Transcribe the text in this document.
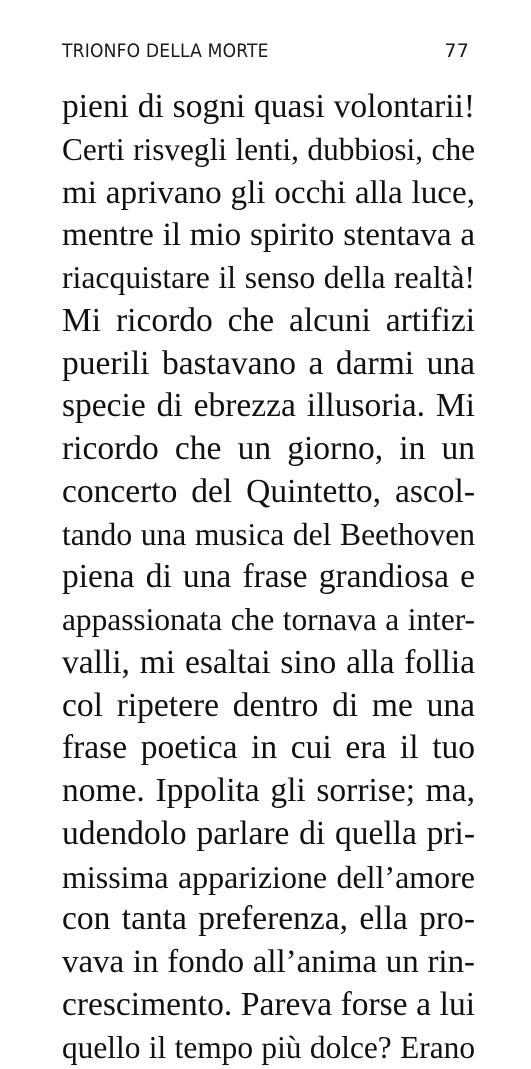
TRIONFO DELLA MORTE	77
pieni di sogni quasi volontarii!
Certi risvegli lenti, dubbiosi, che
mi aprivano gli occhi alla luce,
mentre il mio spirito stentava a
riacquistare il senso della realtà!
Mi ricordo che alcuni artifizi
puerili bastavano a darmi una
specie di ebrezza illusoria. Mi
ricordo che un giorno, in un
concerto del Quintetto, ascol-
tando una musica del Beethoven
piena di una frase grandiosa e
appassionata che tornava a inter-
valli, mi esaltai sino alla follia
col ripetere dentro di me una
frase poetica in cui era il tuo
nome. Ippolita gli sorrise; ma,
udendolo parlare di quella pri-
missima apparizione dell’amore
con tanta preferenza, ella pro-
vava in fondo all’anima un rin-
crescimento. Pareva forse a lui
quello il tempo più dolce? Erano
